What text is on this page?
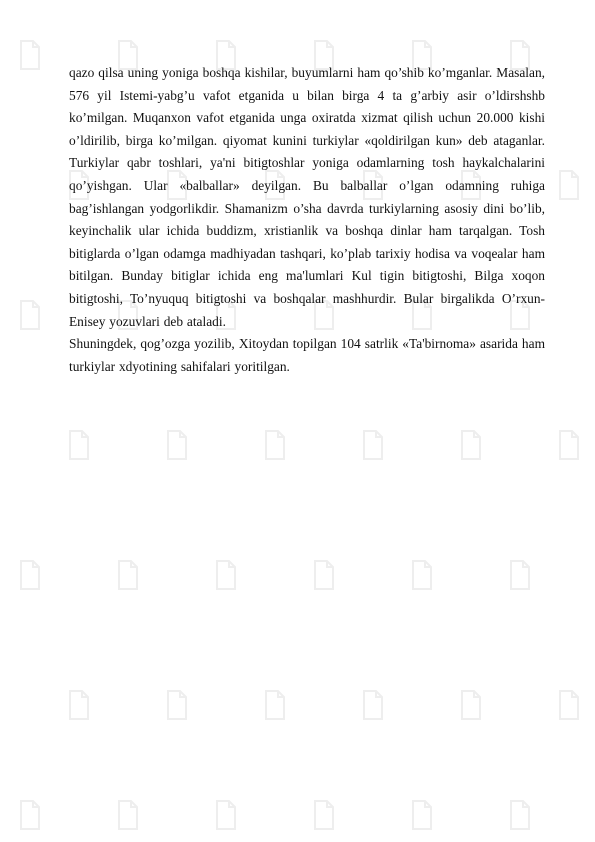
qazo qilsa uning yoniga boshqa kishilar, buyumlarni ham qo’shib ko’mganlar. Masalan, 576 yil Istemi-yabg’u vafot etganida u bilan birga 4 ta g’arbiy asir o’ldirshshb ko’milgan. Muqanxon vafot etganida unga oxiratda xizmat qilish uchun 20.000 kishi o’ldirilib, birga ko’milgan. qiyomat kunini turkiylar «qoldirilgan kun» deb ataganlar. Turkiylar qabr toshlari, ya'ni bitigtoshlar yoniga odamlarning tosh haykalchalarini qo’yishgan. Ular «balballar» deyilgan. Bu balballar o’lgan odamning ruhiga bag’ishlangan yodgorlikdir. Shamanizm o’sha davrda turkiylarning asosiy dini bo’lib, keyinchalik ular ichida buddizm, xristianlik va boshqa dinlar ham tarqalgan. Tosh bitiglarda o’lgan odamga madhiyadan tashqari, ko’plab tarixiy hodisa va voqealar ham bitilgan. Bunday bitiglar ichida eng ma'lumlari Kul tigin bitigtoshi, Bilga xoqon bitigtoshi, To’nyuquq bitigtoshi va boshqalar mashhurdir. Bular birgalikda O’rxun-Enisey yozuvlari deb ataladi.

Shuningdek, qog’ozga yozilib, Xitoydan topilgan 104 satrlik «Ta'birnoma» asarida ham turkiylar xdyotining sahifalari yoritilgan.
